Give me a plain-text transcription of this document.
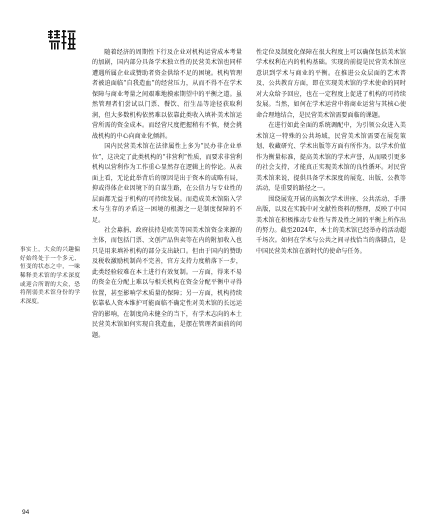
事实上，大众的兴趣偏好始终处于一个多元、恒变的状态之中，一味稀释美术馆的学术深度或迎合所谓的大众，恐将削弱美术馆身份的学术深度。

随着经济的周期性下行及企业对机构运营成本考量的加剧，国内部分具备学术独立性的民营美术馆也同样遭遇所属企业或赞助者资金供给不足的困境。机构管理者被迫面临“自我造血”的经营压力，从而不得不在学术保障与商业考量之间艰难地摸索期望中的平衡之道。虽然管理者们尝试以门票、餐饮、衍生品等途径获取利润，但大多数机构依然难以依靠此类收入填补美术馆运营所需的资金成本。而经营尺度把握稍有不慎，便会挑战机构的中心向商业化倾斜。

国内民营美术馆在法律属性上多为“民办非企业单位”，这决定了此类机构的“非营利”性质，而要求非营利机构以营利作为工作重心显然存在逻辑上的悖论。从表面上看，无论此举背后的原因是出于资本的或略有局，抑或得体企业因境下的自谋生路，在公信力与专业性的层面都无益于机构的可持续发展。而造成美术馆陷入学术与生存的矛盾这一困境的根源之一是制度保障的不足。

社会募捐、政府扶持是欧美等国美术馆资金来源的主体，而包括门票、文创产品售卖等在内的附加收入也只是用来填补机构的部分支出缺口。但由于国内的赞助及税收激励机制尚不完善，官方支持力度稍落下一步，此类经验较难在本土进行有效复制。一方面，得来不易的资金在分配上难以与相关机构在资金分配平衡中寻得位置，甚至影响学术质量的保障；另一方面，机构持续依靠私人资本维护可能面临不确定性对美术馆的长远运营的影响，在制度尚未健全的当下，有学术志向的本土民营美术馆如何实现自我造血，是摆在管理者面前的问题。

性定位及制度化保障在很大程度上可以确保包括美术馆学术权利在内的机构基础。实现的前提是民营美术馆应意识到学术与商业的平衡。在推进公众层面的艺术普及、公共教育方面，即在实现美术馆的学术使命的同时对大众给予回应，也在一定程度上促进了机构的可持续发展。当然，如何在学术运营中将商业运营与其核心使命合理地结合，是民营美术馆需要面临的课题。

在进行如此全面的系统调配中，为引领公众进入美术馆这一特殊的公共场域，民营美术馆需要在展览策划、收藏研究、学术出版等方面有所作为。以学术价值作为衡量标准，提高美术馆的学术声誉，从而吸引更多的社会支持，才能真正实现美术馆的良性循环。对民营美术馆来说，提供具备学术深度的展览、出版、公教等活动，是重要的路径之一。

围绕展览开展的高频次学术讲座、公共活动、手册出版，以及在实践中对文献性资料的整理，反映了中国美术馆在积极推动专业性与普及性之间的平衡上所作出的努力。截至2024年，本土的美术馆已经举办的活动超千场次。如何在学术与公共之间寻找恰当的落脚点，是中国民营美术馆在新时代的使命与任务。

94
